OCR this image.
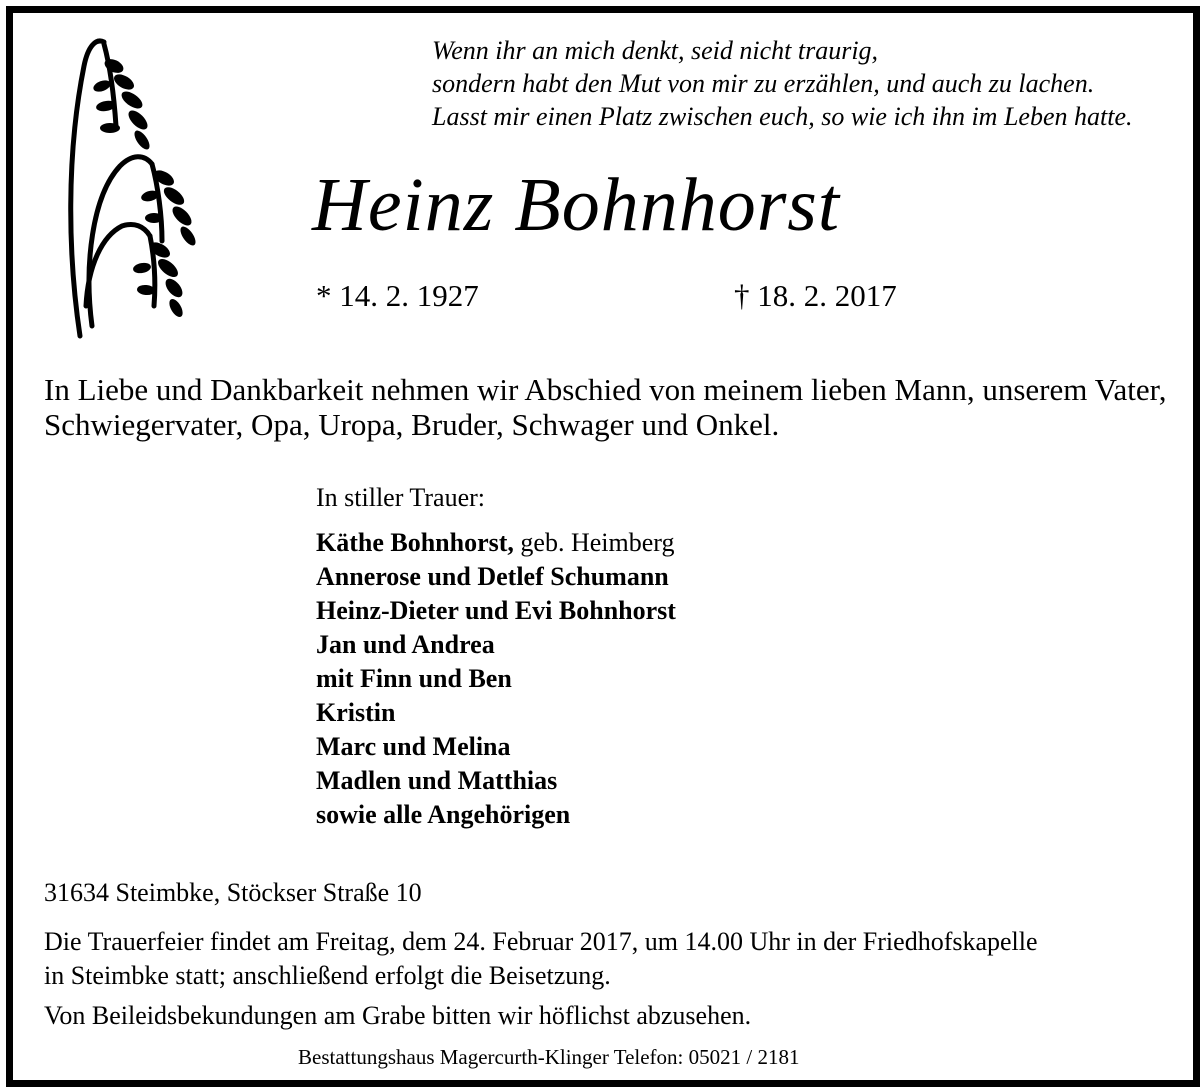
Wenn ihr an mich denkt, seid nicht traurig,
sondern habt den Mut von mir zu erzählen, und auch zu lachen.
Lasst mir einen Platz zwischen euch, so wie ich ihn im Leben hatte.
Heinz Bohnhorst
* 14. 2. 1927	† 18. 2. 2017
In Liebe und Dankbarkeit nehmen wir Abschied von meinem lieben Mann, unserem Vater,
Schwiegervater, Opa, Uropa, Bruder, Schwager und Onkel.
In stiller Trauer:
Käthe Bohnhorst, geb. Heimberg
Annerose und Detlef Schumann
Heinz-Dieter und Evi Bohnhorst
Jan und Andrea
mit Finn und Ben
Kristin
Marc und Melina
Madlen und Matthias
sowie alle Angehörigen
31634 Steimbke, Stöckser Straße 10
Die Trauerfeier findet am Freitag, dem 24. Februar 2017, um 14.00 Uhr in der Friedhofskapelle
in Steimbke statt; anschließend erfolgt die Beisetzung.
Von Beileidsbekundungen am Grabe bitten wir höflichst abzusehen.
Bestattungshaus Magercurth-Klinger Telefon: 05021 / 2181
